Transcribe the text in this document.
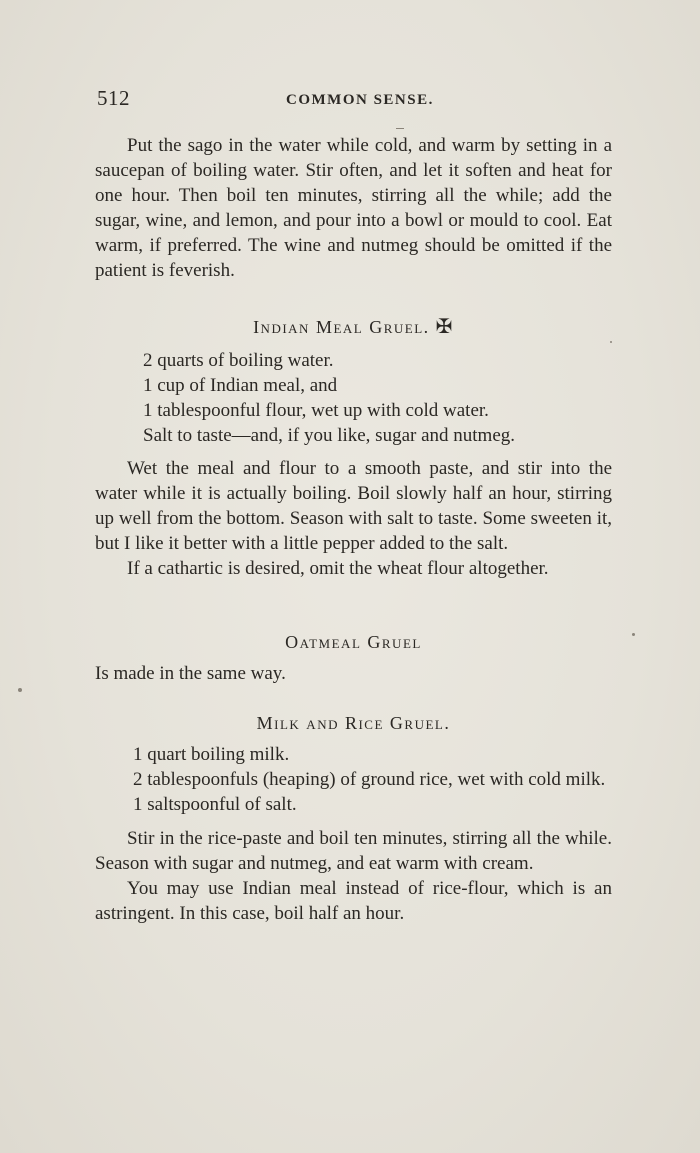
512	COMMON SENSE.

Put the sago in the water while cold, and warm by setting in a saucepan of boiling water. Stir often, and let it soften and heat for one hour. Then boil ten minutes, stirring all the while; add the sugar, wine, and lemon, and pour into a bowl or mould to cool. Eat warm, if preferred. The wine and nutmeg should be omitted if the patient is feverish.

Indian Meal Gruel. ✠
2 quarts of boiling water.
1 cup of Indian meal, and
1 tablespoonful flour, wet up with cold water.
Salt to taste—and, if you like, sugar and nutmeg.

Wet the meal and flour to a smooth paste, and stir into the water while it is actually boiling. Boil slowly half an hour, stirring up well from the bottom. Season with salt to taste. Some sweeten it, but I like it better with a little pepper added to the salt.

If a cathartic is desired, omit the wheat flour altogether.

Oatmeal Gruel

Is made in the same way.

Milk and Rice Gruel.
1 quart boiling milk.
2 tablespoonfuls (heaping) of ground rice, wet with cold milk.
1 saltspoonful of salt.

Stir in the rice-paste and boil ten minutes, stirring all the while. Season with sugar and nutmeg, and eat warm with cream.

You may use Indian meal instead of rice-flour, which is an astringent. In this case, boil half an hour.
